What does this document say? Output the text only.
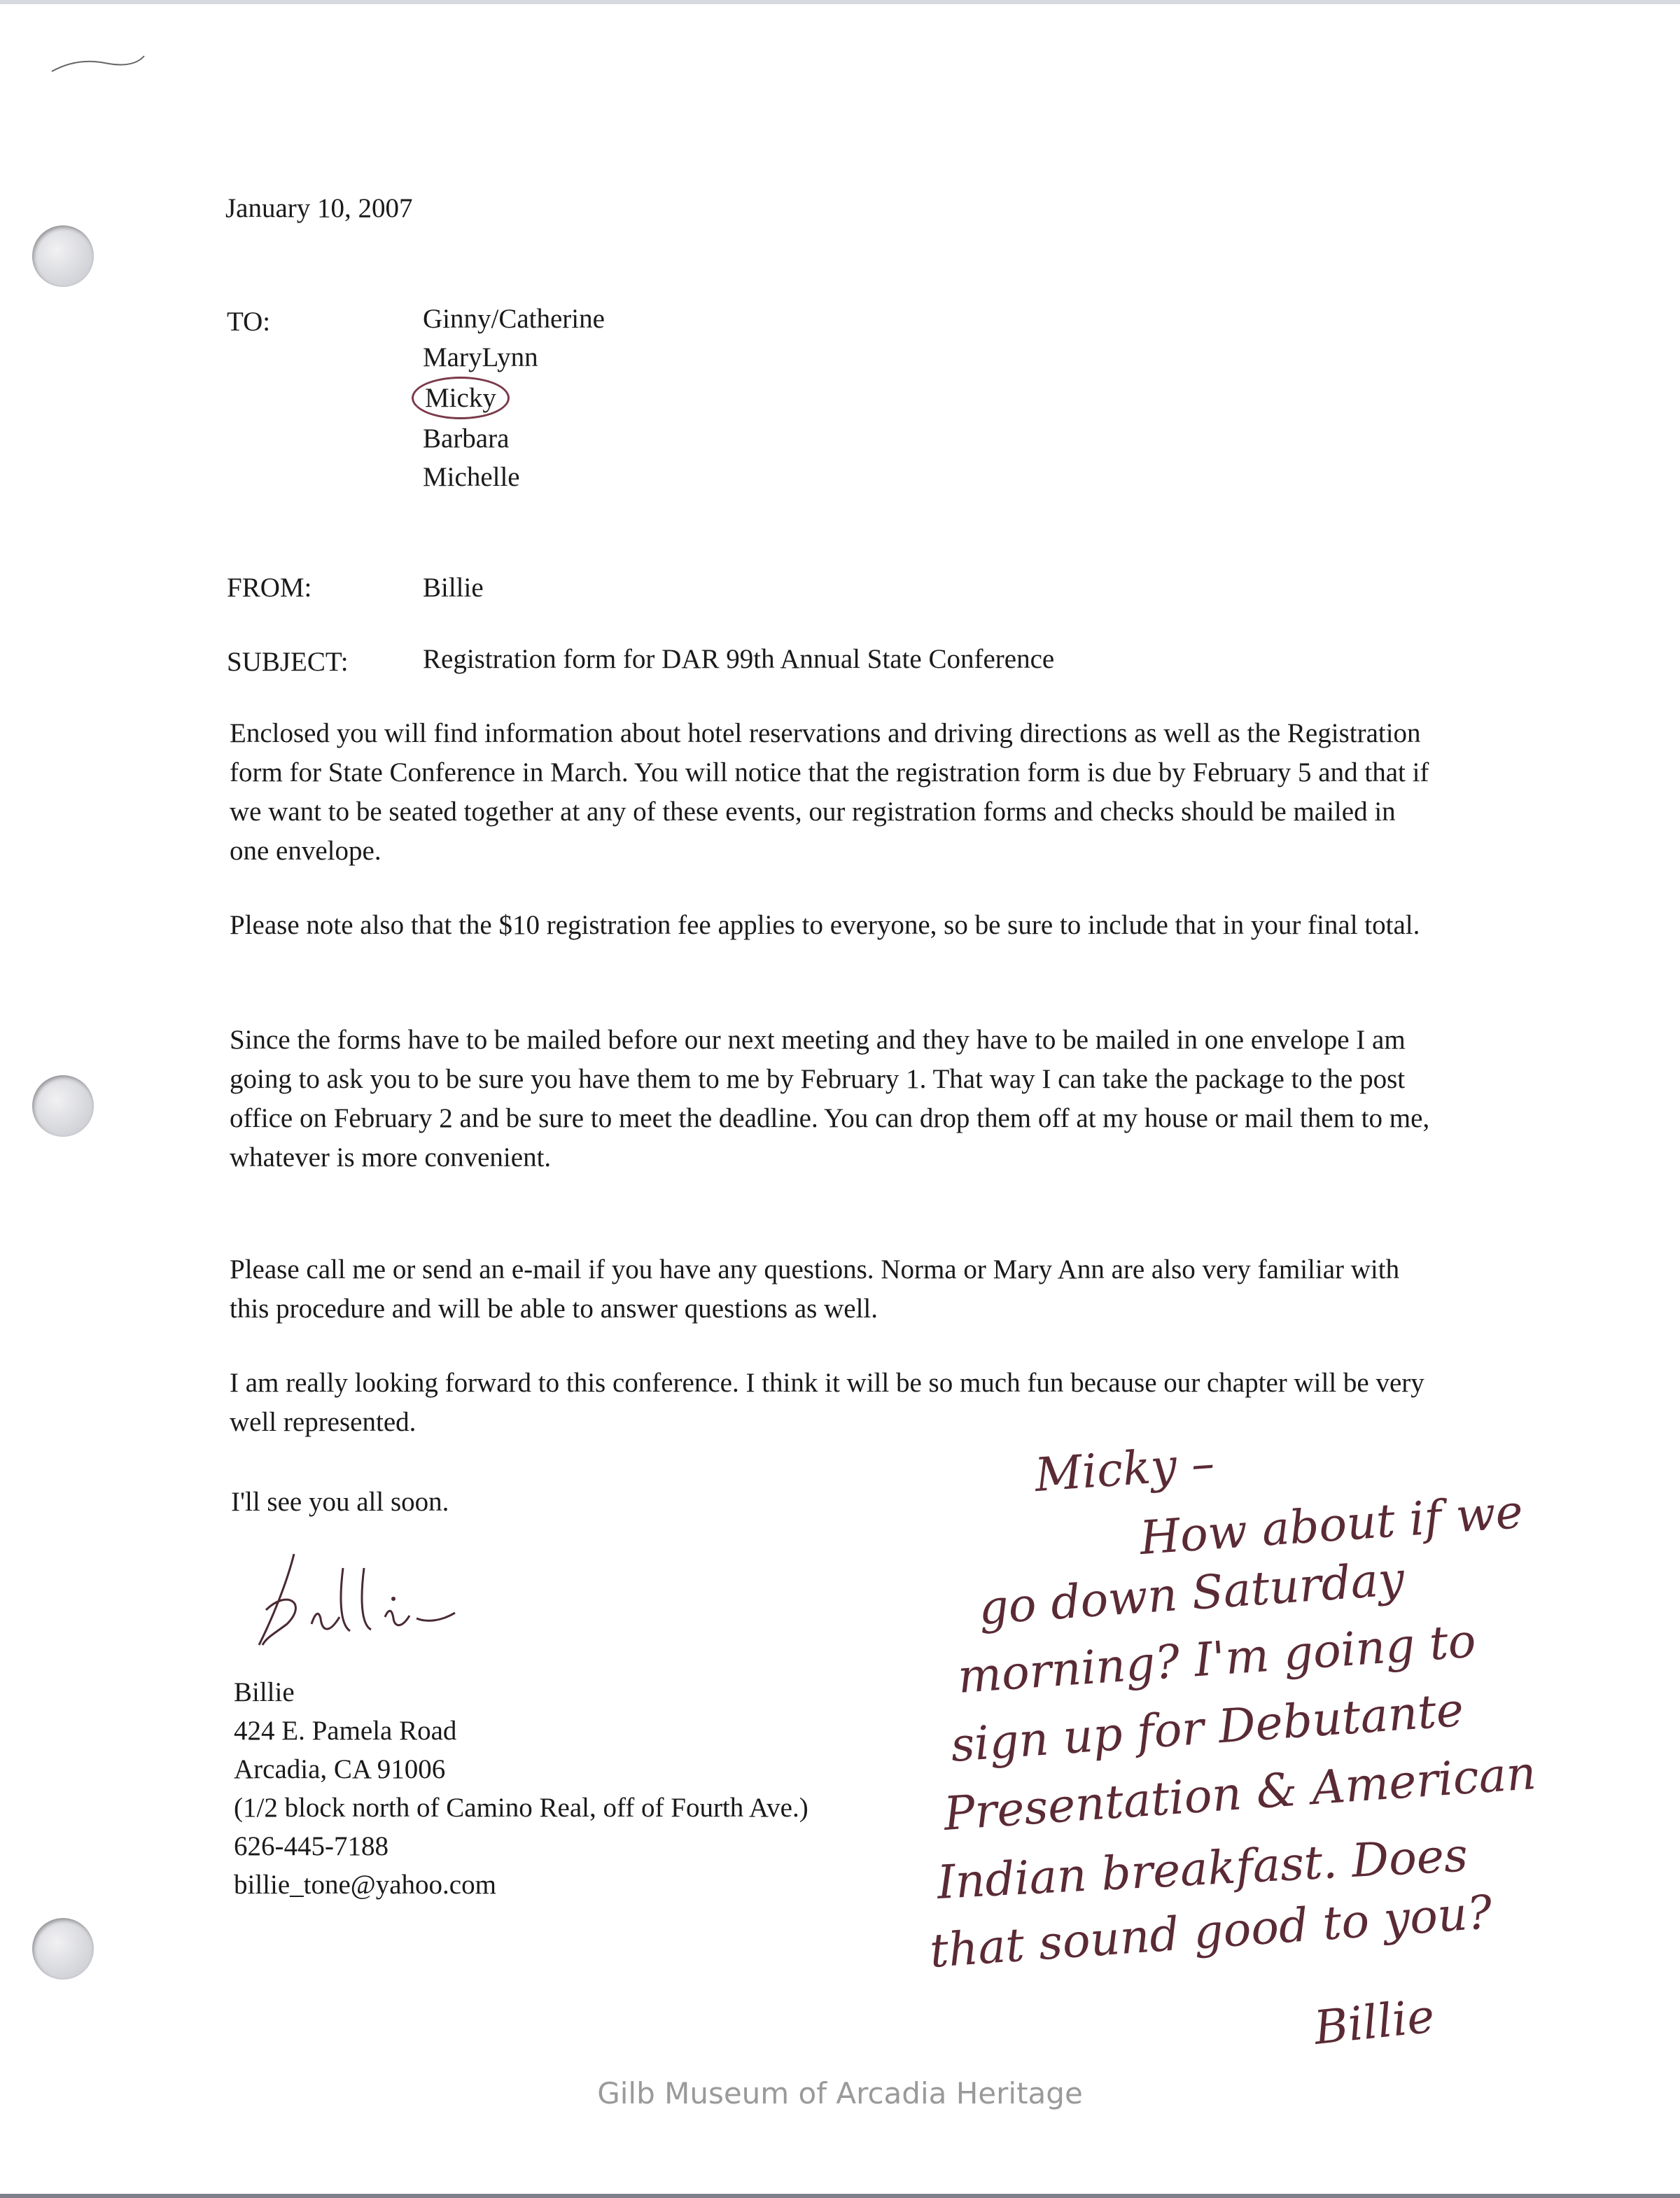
January 10, 2007
TO:	Ginny/Catherine
MaryLynn
Micky
Barbara
Michelle
FROM:	Billie
SUBJECT:	Registration form for DAR 99th Annual State Conference

Enclosed you will find information about hotel reservations and driving directions as well as the Registration form for State Conference in March. You will notice that the registration form is due by February 5 and that if we want to be seated together at any of these events, our registration forms and checks should be mailed in one envelope.

Please note also that the $10 registration fee applies to everyone, so be sure to include that in your final total.

Since the forms have to be mailed before our next meeting and they have to be mailed in one envelope I am going to ask you to be sure you have them to me by February 1. That way I can take the package to the post office on February 2 and be sure to meet the deadline. You can drop them off at my house or mail them to me, whatever is more convenient.

Please call me or send an e-mail if you have any questions. Norma or Mary Ann are also very familiar with this procedure and will be able to answer questions as well.

I am really looking forward to this conference. I think it will be so much fun because our chapter will be very well represented.

I'll see you all soon.

Billie
424 E. Pamela Road
Arcadia, CA 91006
(1/2 block north of Camino Real, off of Fourth Ave.)
626-445-7188
billie_tone@yahoo.com
Micky –
How about if we
go down Saturday
morning? I'm going to
sign up for Debutante
Presentation & American
Indian breakfast. Does
that sound good to you?
Billie
Gilb Museum of Arcadia Heritage
